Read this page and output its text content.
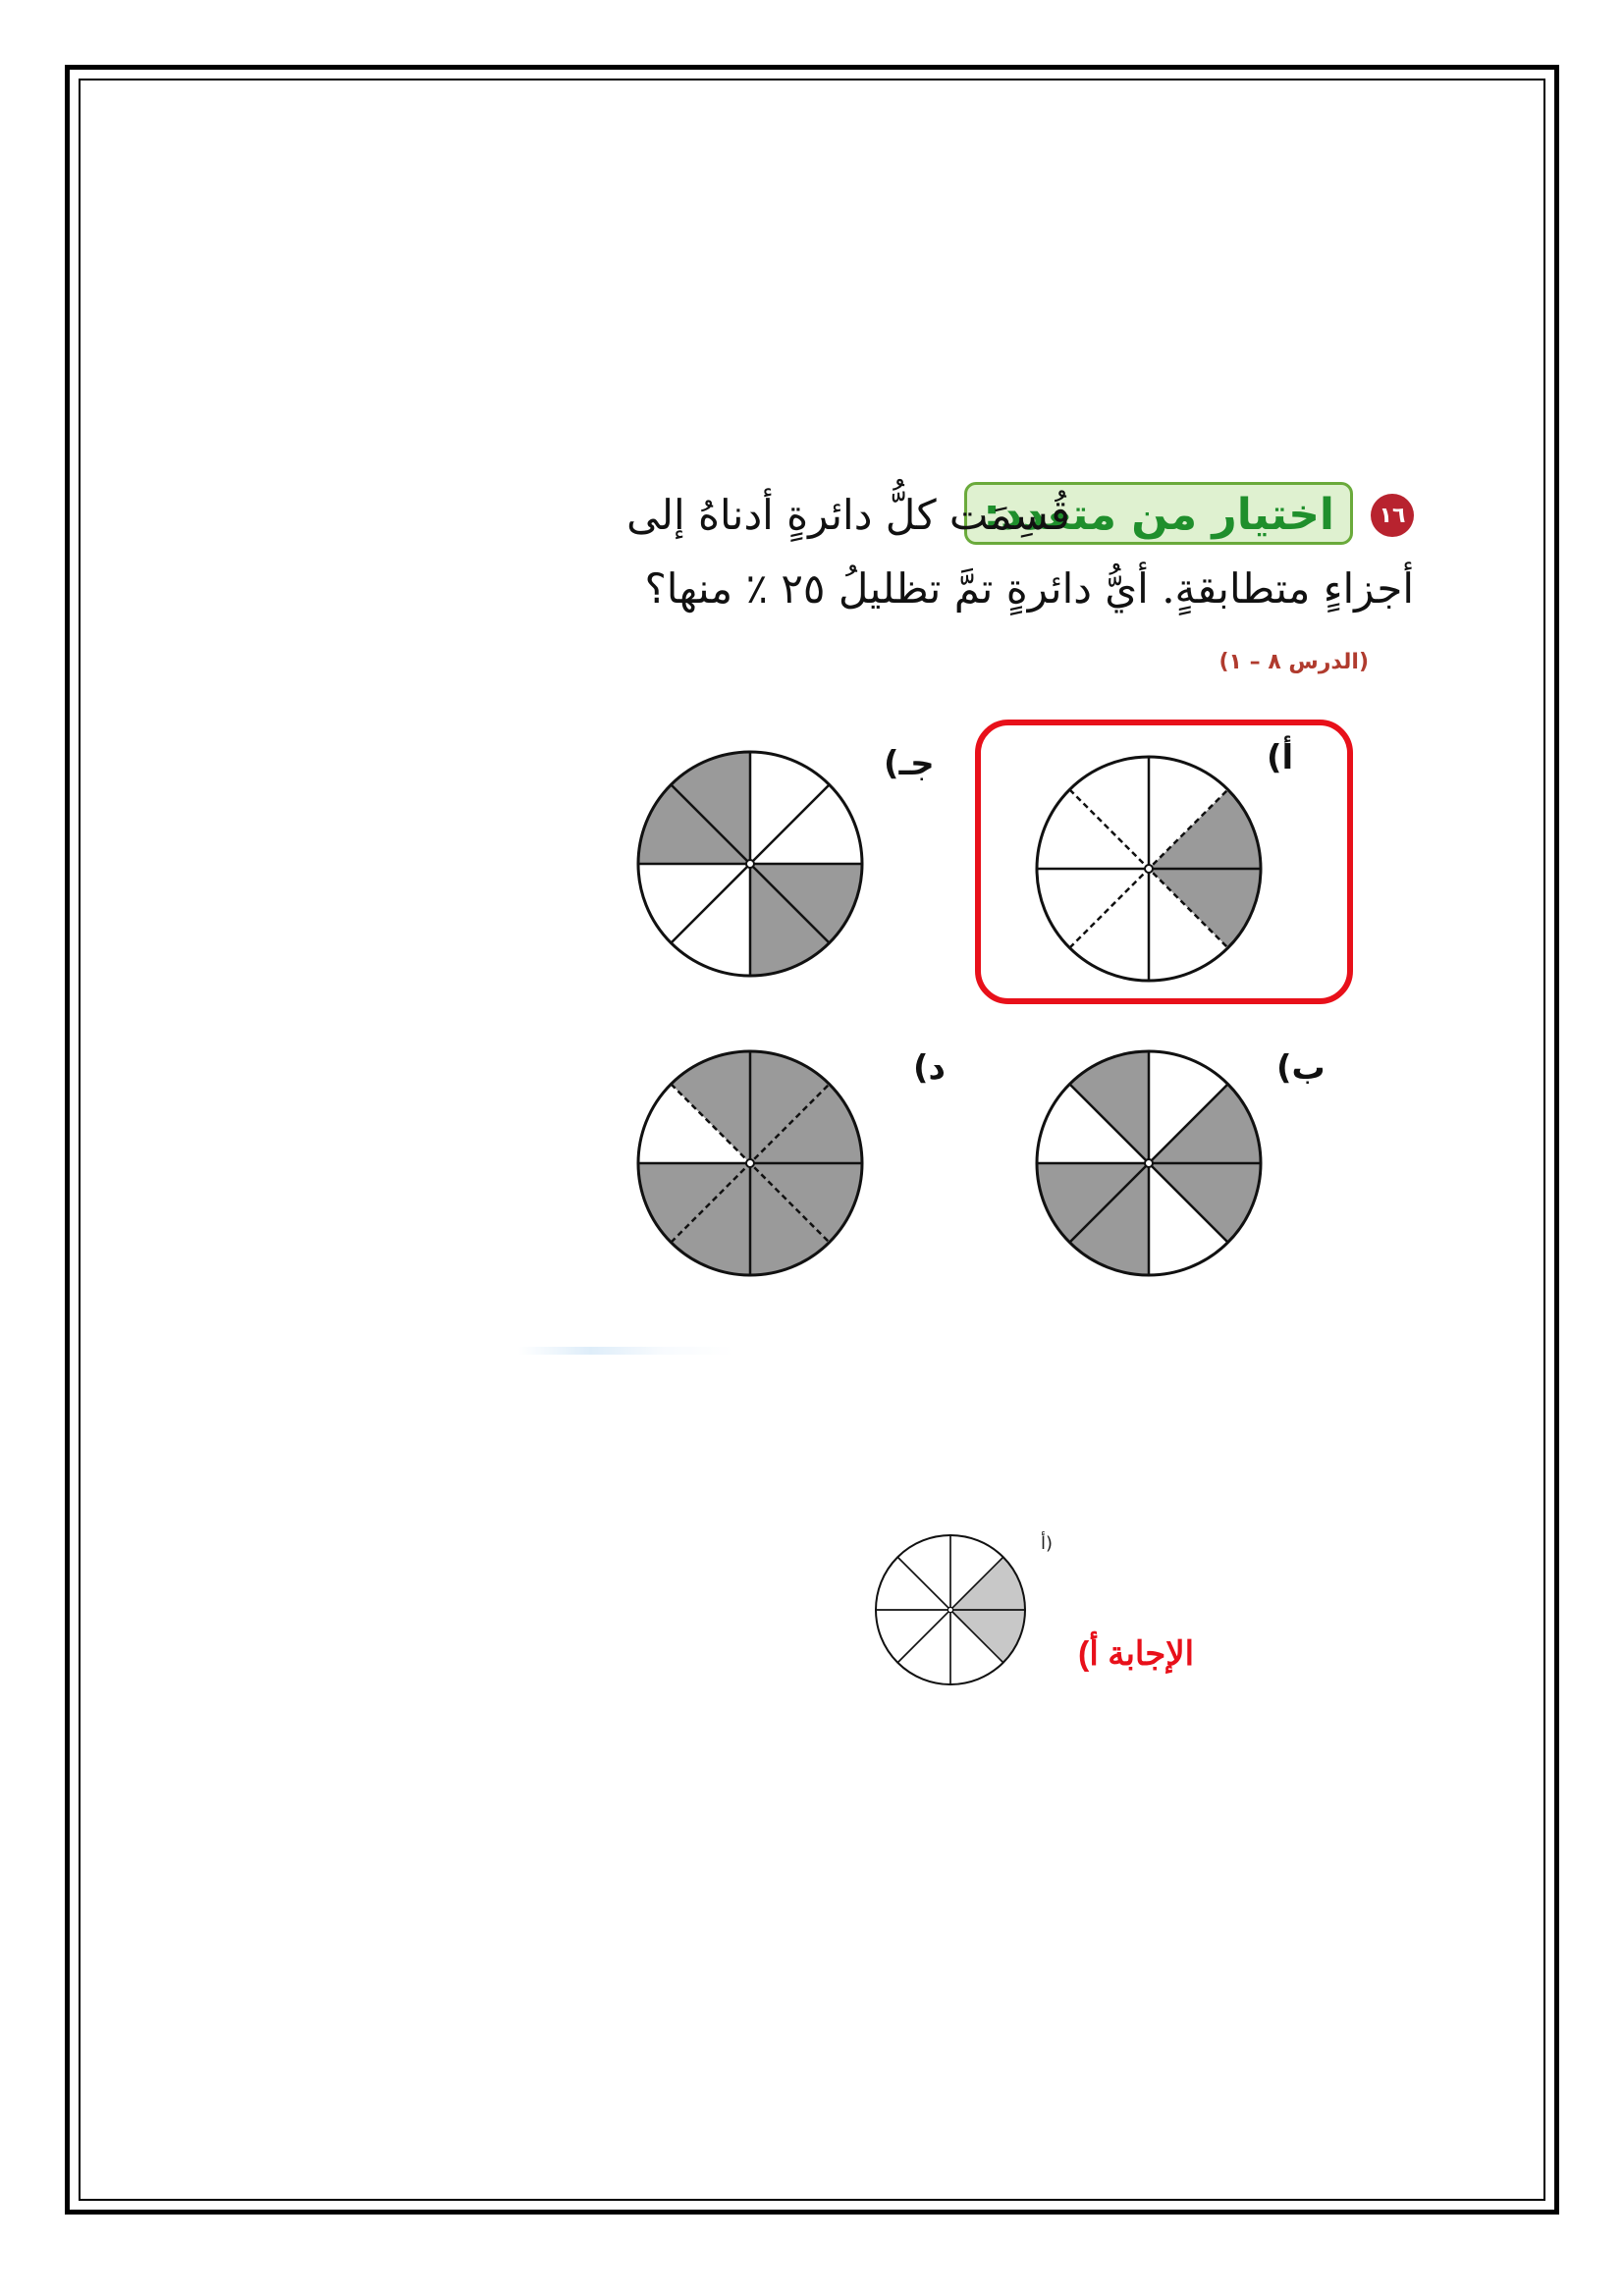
١٦
اختيار من متعدد:
قُسِمَت كلُّ دائرةٍ أدناهُ إلى
أجزاءٍ متطابقةٍ. أيُّ دائرةٍ تمَّ تظليلُ ٢٥ ٪ منها؟
(الدرس ٨ – ١)
أ)
جـ)
ب)
د)
أ)
الإجابة أ)
